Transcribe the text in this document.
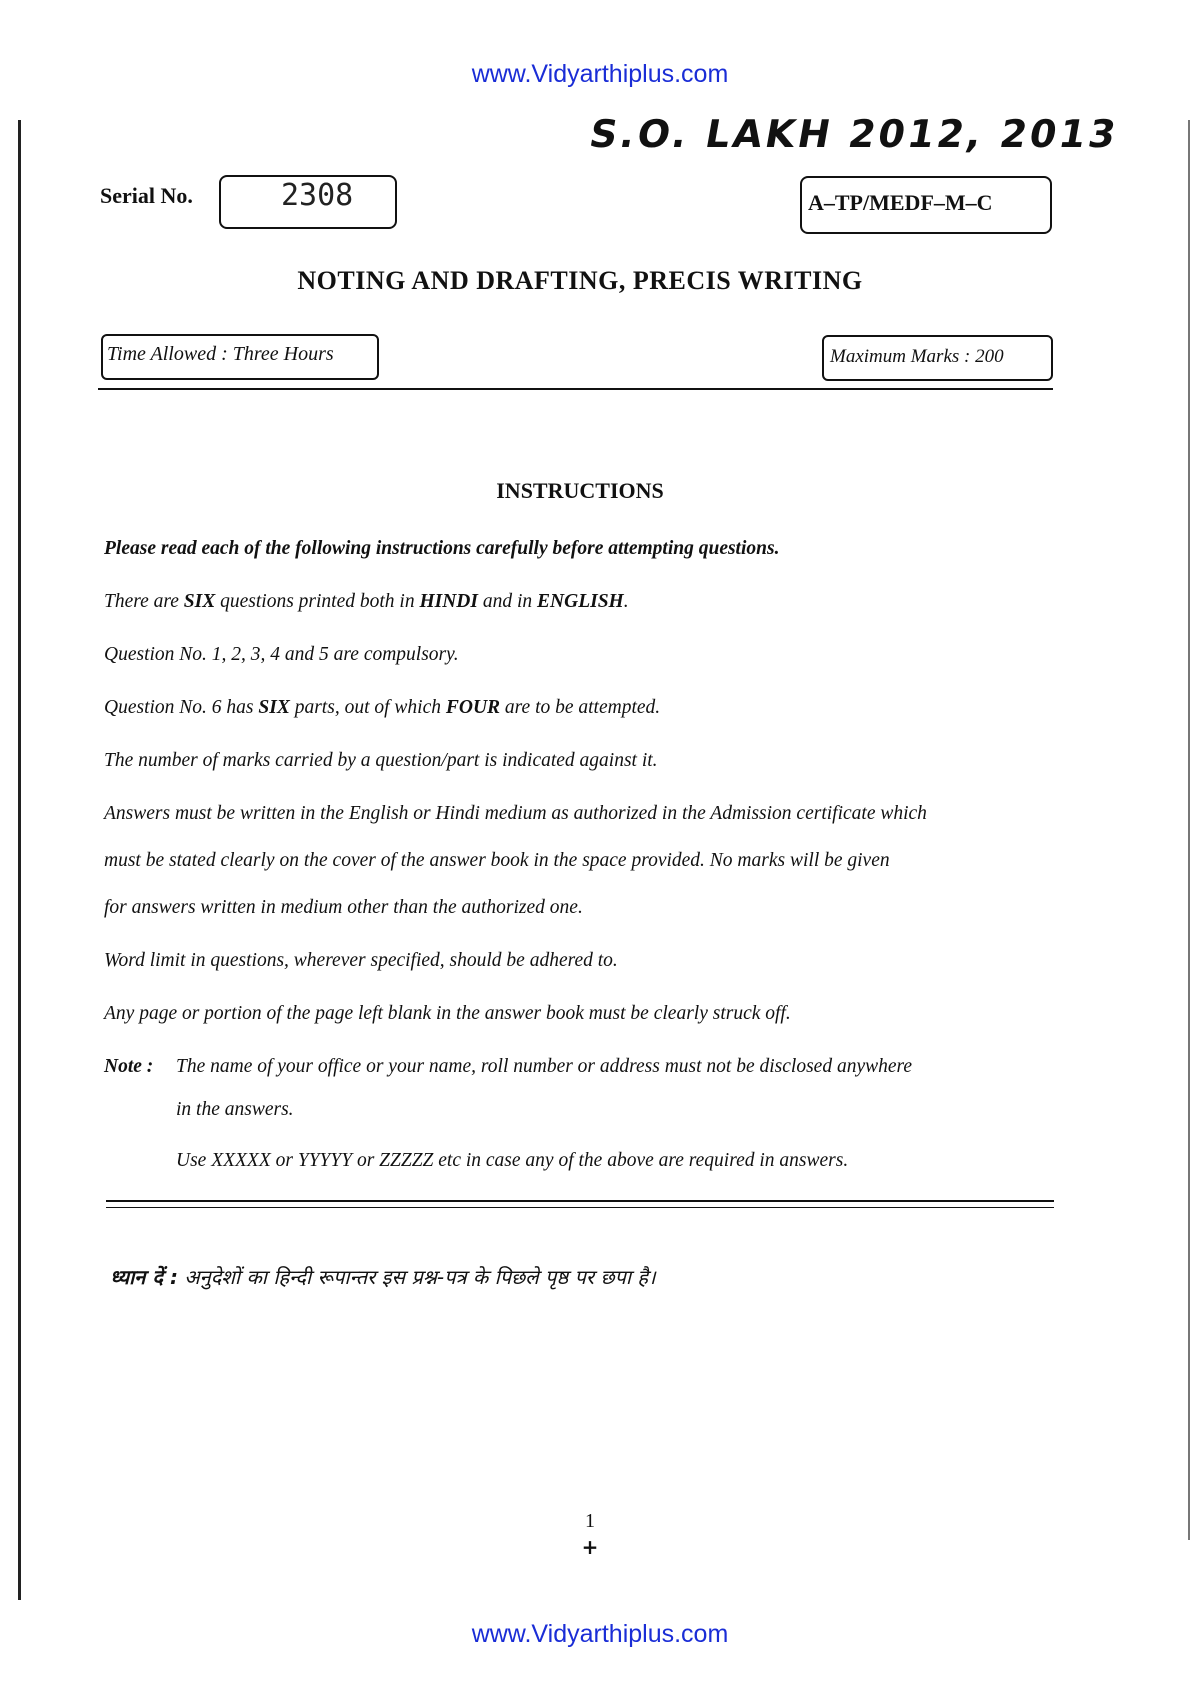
www.Vidyarthiplus.com
S.O. LAKH 2012, 2013
Serial No.	2308	A–TP/MEDF–M–C
NOTING AND DRAFTING, PRECIS WRITING
Time Allowed : Three Hours	Maximum Marks : 200
INSTRUCTIONS
Please read each of the following instructions carefully before attempting questions.
There are SIX questions printed both in HINDI and in ENGLISH.
Question No. 1, 2, 3, 4 and 5 are compulsory.
Question No. 6 has SIX parts, out of which FOUR are to be attempted.
The number of marks carried by a question/part is indicated against it.
Answers must be written in the English or Hindi medium as authorized in the Admission certificate which
must be stated clearly on the cover of the answer book in the space provided. No marks will be given
for answers written in medium other than the authorized one.
Word limit in questions, wherever specified, should be adhered to.
Any page or portion of the page left blank in the answer book must be clearly struck off.
Note : The name of your office or your name, roll number or address must not be disclosed anywhere
in the answers.
Use XXXXX or YYYYY or ZZZZZ etc in case any of the above are required in answers.
ध्यान दें : अनुदेशों का हिन्दी रूपान्तर इस प्रश्न-पत्र के पिछले पृष्ठ पर छपा है।
1
+
www.Vidyarthiplus.com
